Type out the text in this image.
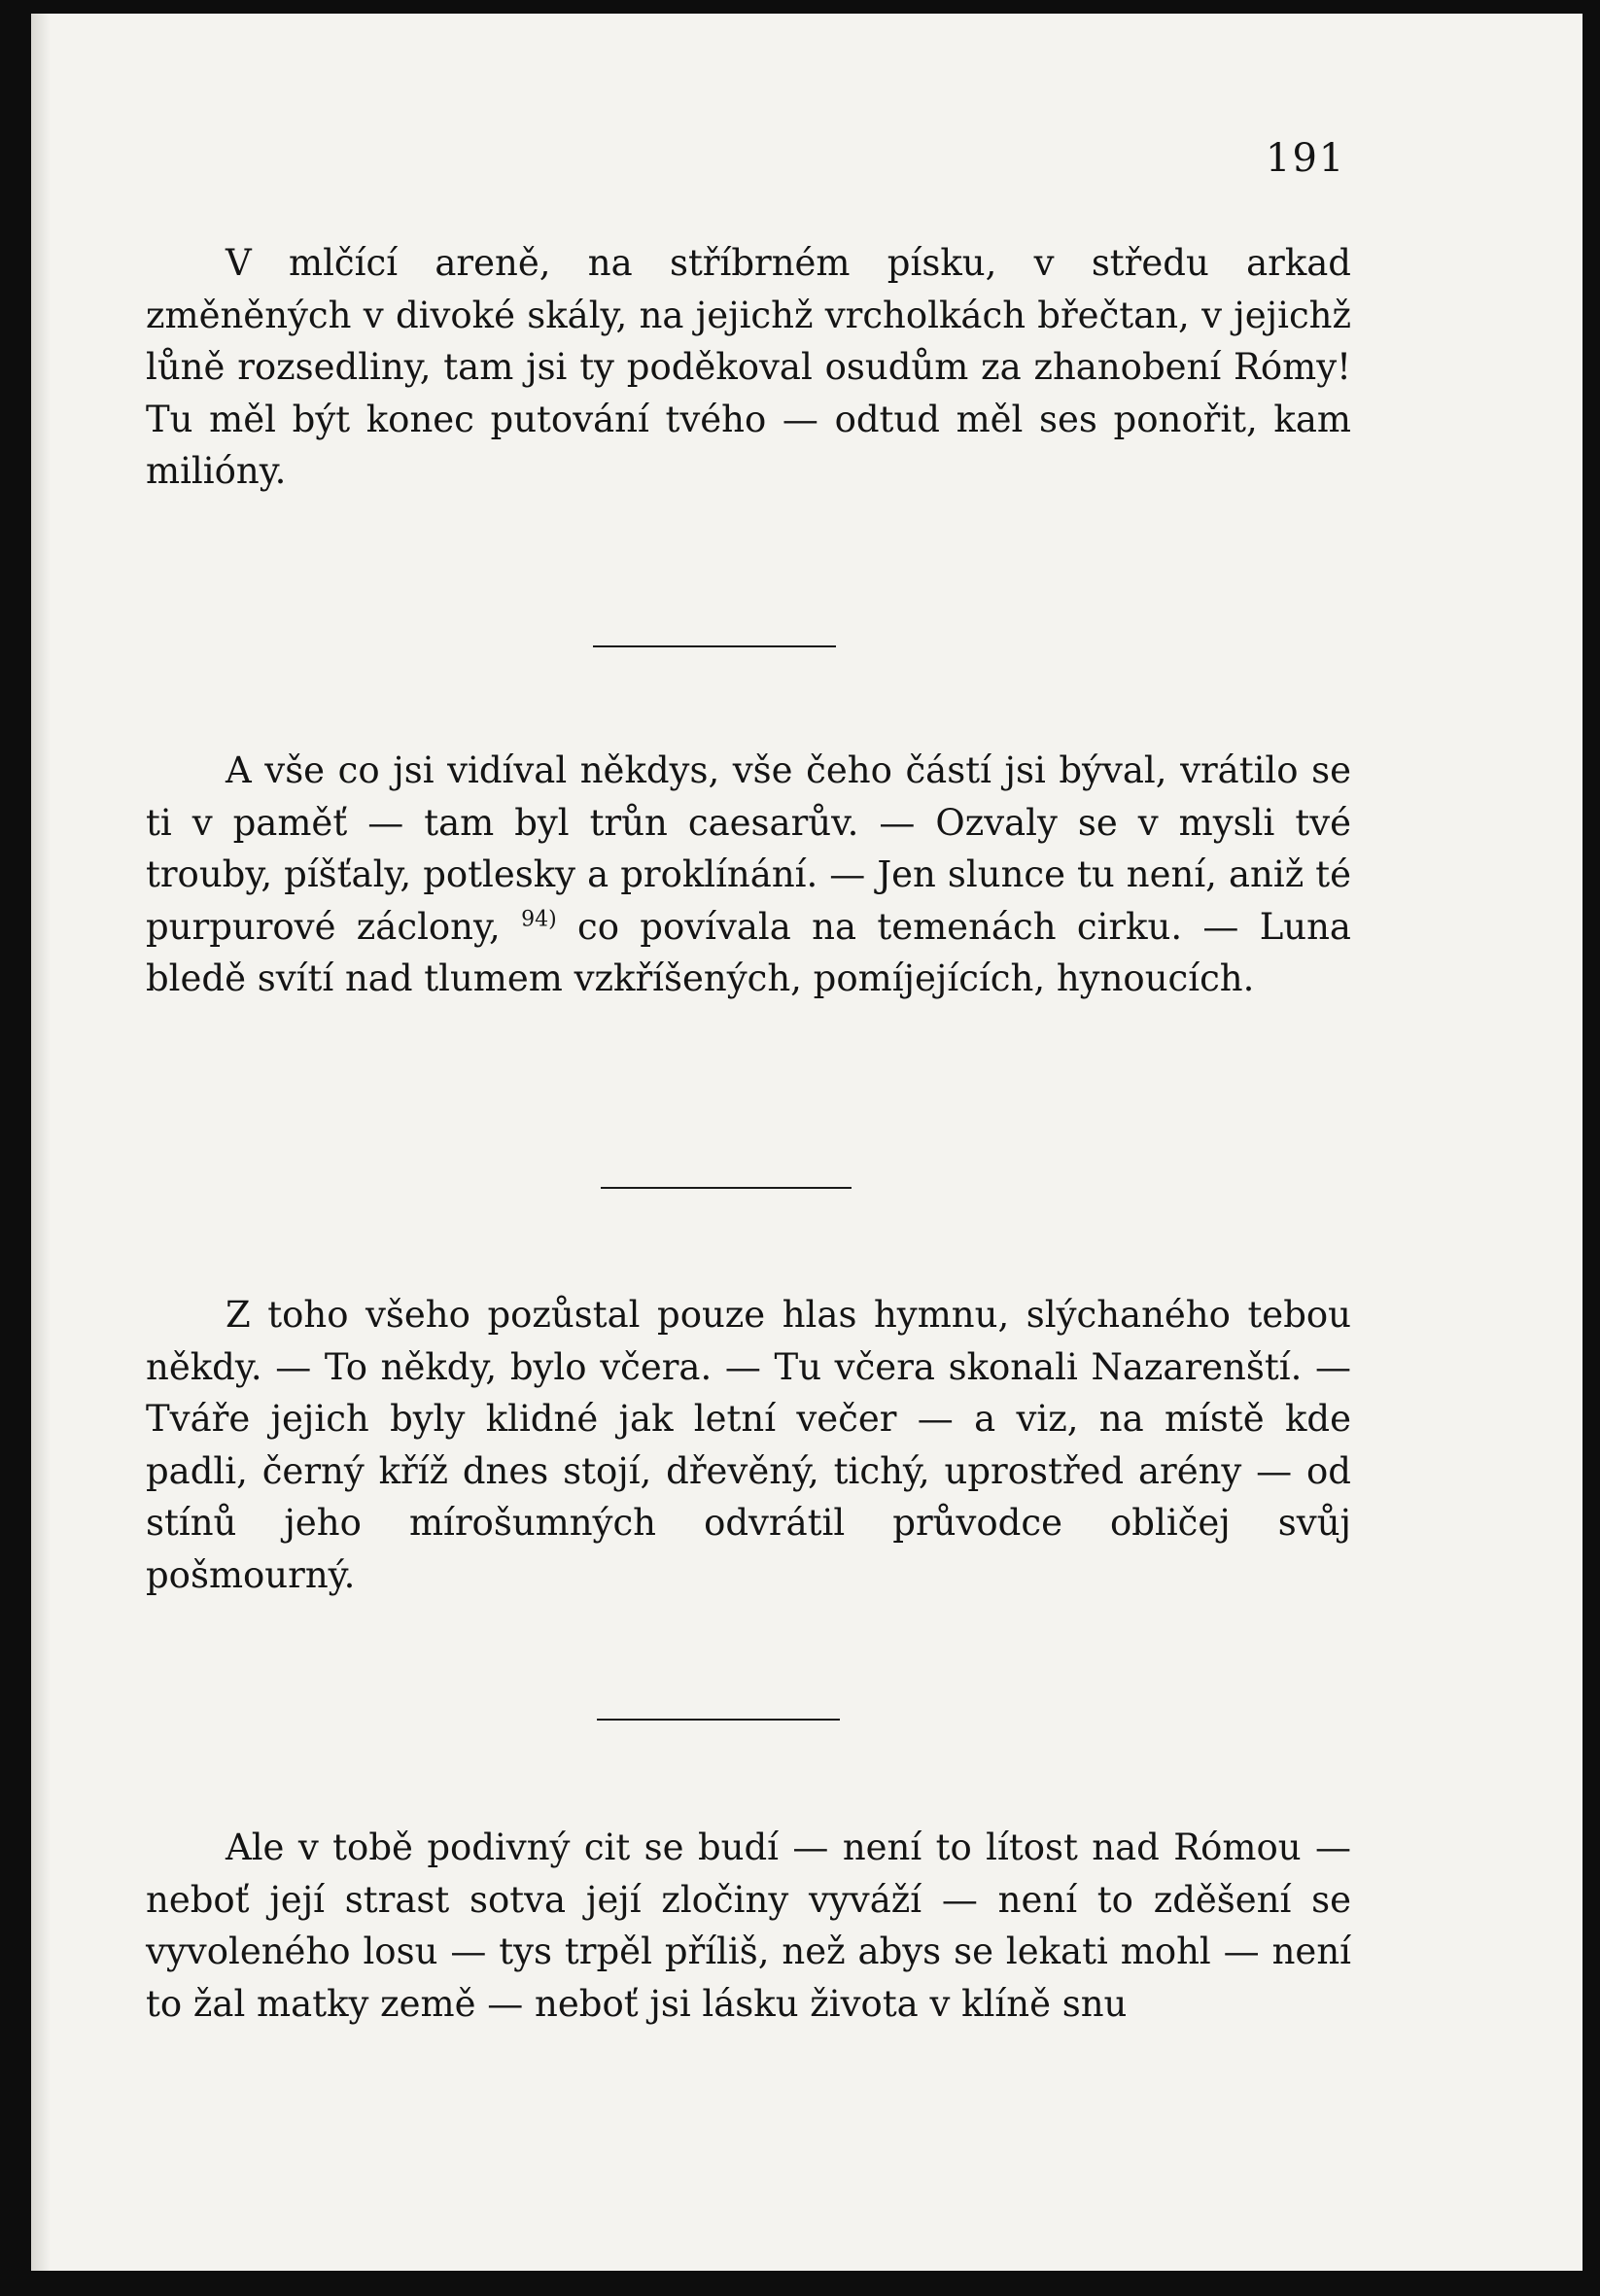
191

V mlčící areně, na stříbrném písku, v středu arkad změněných v divoké skály, na jejichž vrcholkách břečtan, v jejichž lůně rozsedliny, tam jsi ty poděkoval osudům za zhanobení Rómy! Tu měl být konec putování tvého — odtud měl ses ponořit, kam milióny.

A vše co jsi vidíval někdys, vše čeho částí jsi býval, vrátilo se ti v paměť — tam byl trůn caesarův. — Ozvaly se v mysli tvé trouby, píšťaly, potlesky a proklínání. — Jen slunce tu není, aniž té purpurové záclony, $^{94)}$ co povívala na temenách cirku. — Luna bledě svítí nad tlumem vzkříšených, pomíjejících, hynoucích.

Z toho všeho pozůstal pouze hlas hymnu, slýchaného tebou někdy. — To někdy, bylo včera. — Tu včera skonali Nazarenští. — Tváře jejich byly klidné jak letní večer — a viz, na místě kde padli, černý kříž dnes stojí, dřevěný, tichý, uprostřed arény — od stínů jeho mírošumných odvrátil průvodce obličej svůj pošmourný.

Ale v tobě podivný cit se budí — není to lítost nad Rómou — neboť její strast sotva její zločiny vyváží — není to zděšení se vyvoleného losu — tys trpěl příliš, než abys se lekati mohl — není to žal matky země — neboť jsi lásku života v klíně snu
